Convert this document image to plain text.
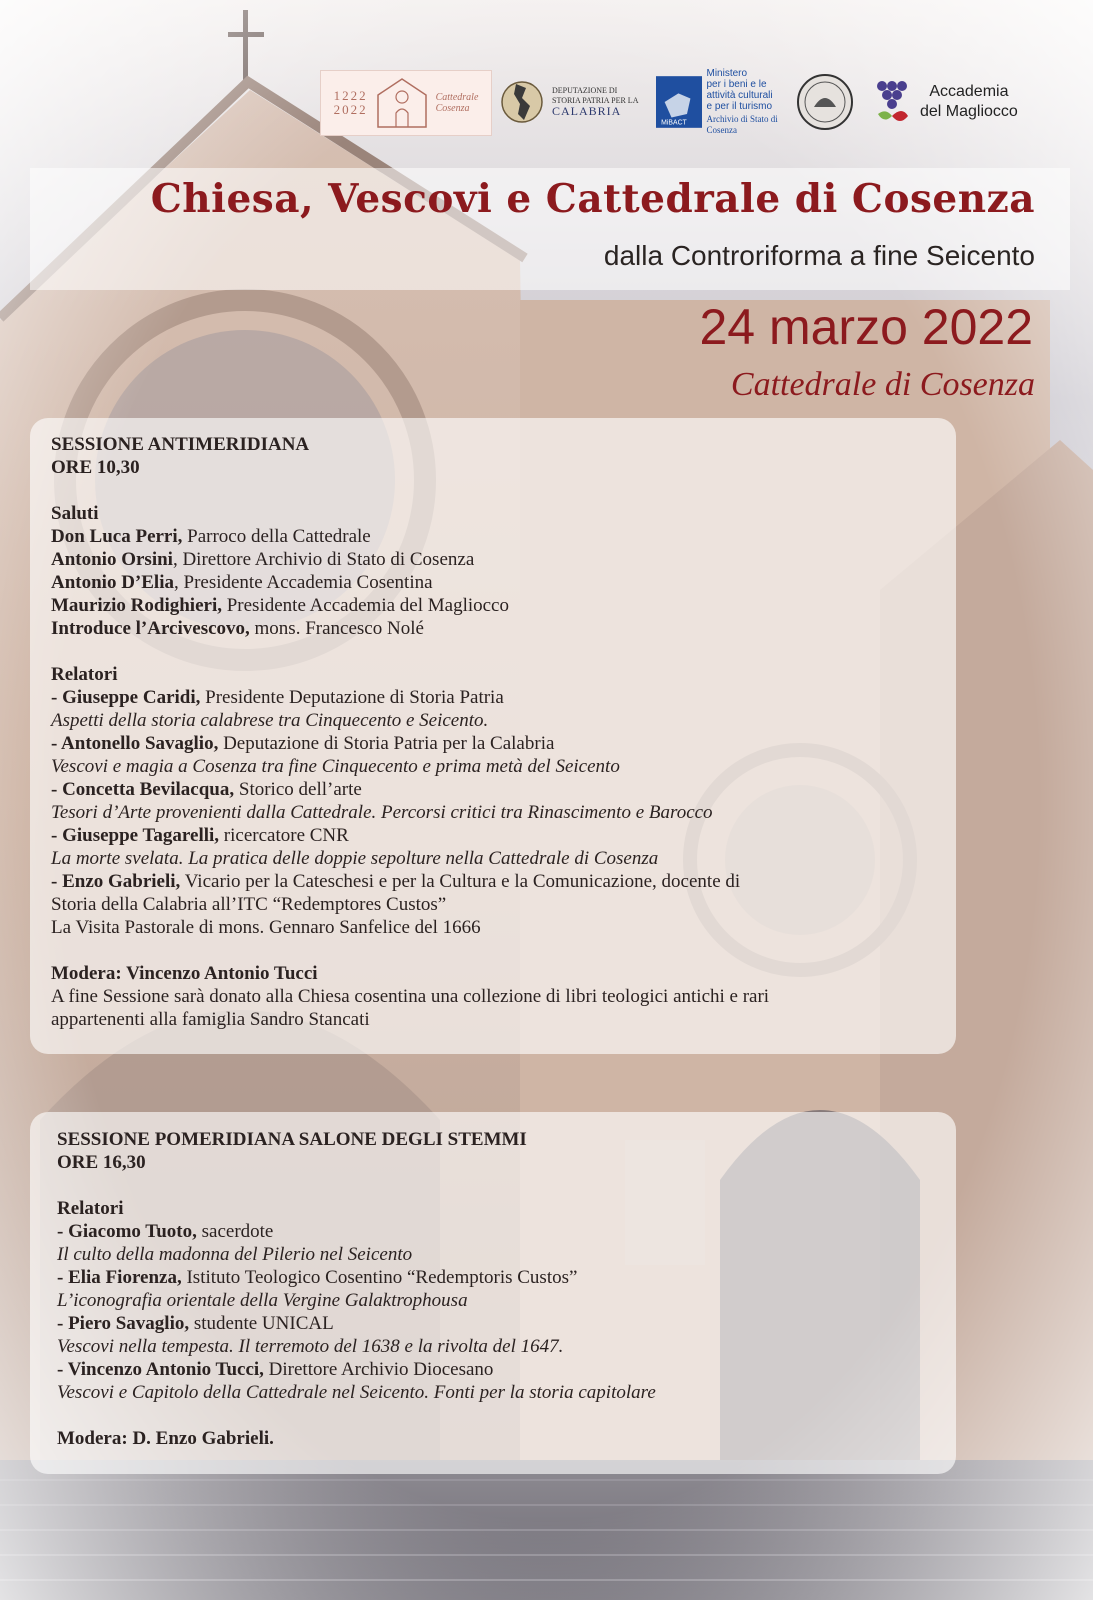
1222
2022
Cattedrale
Cosenza
DEPUTAZIONE DI
STORIA PATRIA PER LA
CALABRIA
MiBACT
Ministero
per i beni e le
attività culturali
e per il turismo
Archivio di Stato di Cosenza
Accademia
del Magliocco
Chiesa, Vescovi e Cattedrale di Cosenza
dalla Controriforma a fine Seicento
24 marzo 2022
Cattedrale di Cosenza
SESSIONE ANTIMERIDIANA
ORE 10,30
Saluti
Don Luca Perri, Parroco della Cattedrale
Antonio Orsini, Direttore Archivio di Stato di Cosenza
Antonio D’Elia, Presidente Accademia Cosentina
Maurizio Rodighieri, Presidente Accademia del Magliocco
Introduce l’Arcivescovo, mons. Francesco Nolé
Relatori
- Giuseppe Caridi, Presidente Deputazione di Storia Patria
Aspetti della storia calabrese tra Cinquecento e Seicento.
- Antonello Savaglio, Deputazione di Storia Patria per la Calabria
Vescovi e magia a Cosenza tra fine Cinquecento e prima metà del Seicento
- Concetta Bevilacqua, Storico dell’arte
Tesori d’Arte provenienti dalla Cattedrale. Percorsi critici tra Rinascimento e Barocco
- Giuseppe Tagarelli, ricercatore CNR
La morte svelata. La pratica delle doppie sepolture nella Cattedrale di Cosenza
- Enzo Gabrieli, Vicario per la Cateschesi e per la Cultura e la Comunicazione, docente di
Storia della Calabria all’ITC “Redemptores Custos”
La Visita Pastorale di mons. Gennaro Sanfelice del 1666
Modera: Vincenzo Antonio Tucci
A fine Sessione sarà donato alla Chiesa cosentina una collezione di libri teologici antichi e rari
appartenenti alla famiglia Sandro Stancati
SESSIONE POMERIDIANA SALONE DEGLI STEMMI
ORE 16,30
Relatori
- Giacomo Tuoto, sacerdote
Il culto della madonna del Pilerio nel Seicento
- Elia Fiorenza, Istituto Teologico Cosentino “Redemptoris Custos”
L’iconografia orientale della Vergine Galaktrophousa
- Piero Savaglio, studente UNICAL
Vescovi nella tempesta. Il terremoto del 1638 e la rivolta del 1647.
- Vincenzo Antonio Tucci, Direttore Archivio Diocesano
Vescovi e Capitolo della Cattedrale nel Seicento. Fonti per la storia capitolare
Modera: D. Enzo Gabrieli.
